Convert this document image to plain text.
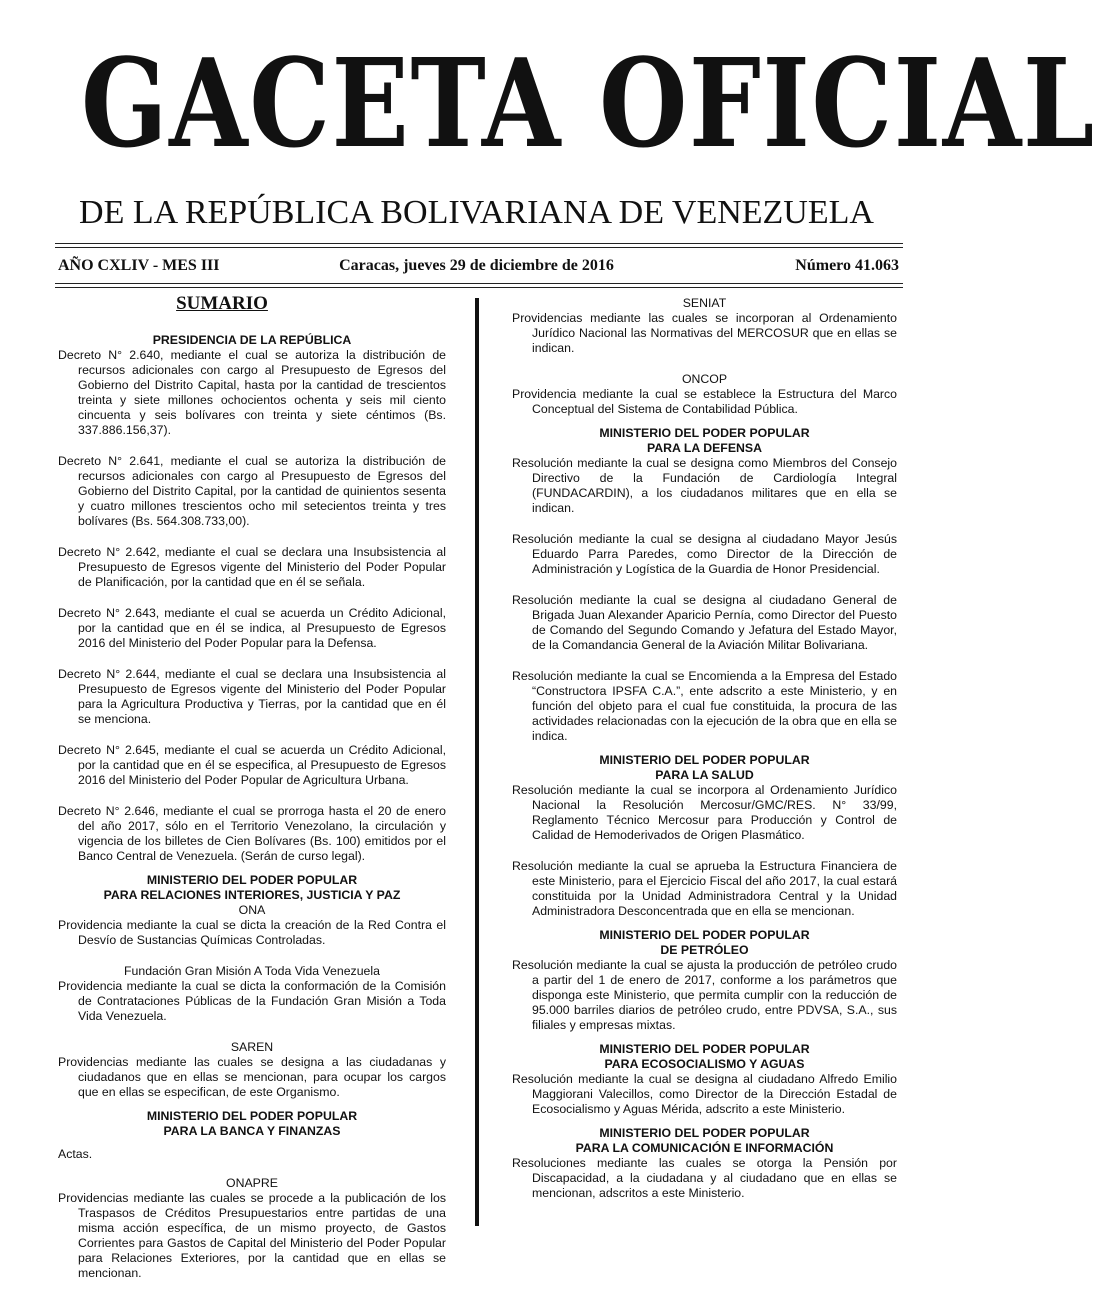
GACETA OFICIAL
DE LA REPÚBLICA BOLIVARIANA DE VENEZUELA
AÑO CXLIV - MES III	Caracas, jueves 29 de diciembre de 2016	Número 41.063
SUMARIO

PRESIDENCIA DE LA REPÚBLICA

Decreto N° 2.640, mediante el cual se autoriza la distribución de recursos adicionales con cargo al Presupuesto de Egresos del Gobierno del Distrito Capital, hasta por la cantidad de trescientos treinta y siete millones ochocientos ochenta y seis mil ciento cincuenta y seis bolívares con treinta y siete céntimos (Bs. 337.886.156,37).

Decreto N° 2.641, mediante el cual se autoriza la distribución de recursos adicionales con cargo al Presupuesto de Egresos del Gobierno del Distrito Capital, por la cantidad de quinientos sesenta y cuatro millones trescientos ocho mil setecientos treinta y tres bolívares (Bs. 564.308.733,00).

Decreto N° 2.642, mediante el cual se declara una Insubsistencia al Presupuesto de Egresos vigente del Ministerio del Poder Popular de Planificación, por la cantidad que en él se señala.

Decreto N° 2.643, mediante el cual se acuerda un Crédito Adicional, por la cantidad que en él se indica, al Presupuesto de Egresos 2016 del Ministerio del Poder Popular para la Defensa.

Decreto N° 2.644, mediante el cual se declara una Insubsistencia al Presupuesto de Egresos vigente del Ministerio del Poder Popular para la Agricultura Productiva y Tierras, por la cantidad que en él se menciona.

Decreto N° 2.645, mediante el cual se acuerda un Crédito Adicional, por la cantidad que en él se especifica, al Presupuesto de Egresos 2016 del Ministerio del Poder Popular de Agricultura Urbana.

Decreto N° 2.646, mediante el cual se prorroga hasta el 20 de enero del año 2017, sólo en el Territorio Venezolano, la circulación y vigencia de los billetes de Cien Bolívares (Bs. 100) emitidos por el Banco Central de Venezuela. (Serán de curso legal).

MINISTERIO DEL PODER POPULAR

PARA RELACIONES INTERIORES, JUSTICIA Y PAZ

ONA

Providencia mediante la cual se dicta la creación de la Red Contra el Desvío de Sustancias Químicas Controladas.

Fundación Gran Misión A Toda Vida Venezuela

Providencia mediante la cual se dicta la conformación de la Comisión de Contrataciones Públicas de la Fundación Gran Misión a Toda Vida Venezuela.

SAREN

Providencias mediante las cuales se designa a las ciudadanas y ciudadanos que en ellas se mencionan, para ocupar los cargos que en ellas se especifican, de este Organismo.

MINISTERIO DEL PODER POPULAR

PARA LA BANCA Y FINANZAS

Actas.

ONAPRE

Providencias mediante las cuales se procede a la publicación de los Traspasos de Créditos Presupuestarios entre partidas de una misma acción específica, de un mismo proyecto, de Gastos Corrientes para Gastos de Capital del Ministerio del Poder Popular para Relaciones Exteriores, por la cantidad que en ellas se mencionan.

SENIAT

Providencias mediante las cuales se incorporan al Ordenamiento Jurídico Nacional las Normativas del MERCOSUR que en ellas se indican.

ONCOP

Providencia mediante la cual se establece la Estructura del Marco Conceptual del Sistema de Contabilidad Pública.

MINISTERIO DEL PODER POPULAR

PARA LA DEFENSA

Resolución mediante la cual se designa como Miembros del Consejo Directivo de la Fundación de Cardiología Integral (FUNDACARDIN), a los ciudadanos militares que en ella se indican.

Resolución mediante la cual se designa al ciudadano Mayor Jesús Eduardo Parra Paredes, como Director de la Dirección de Administración y Logística de la Guardia de Honor Presidencial.

Resolución mediante la cual se designa al ciudadano General de Brigada Juan Alexander Aparicio Pernía, como Director del Puesto de Comando del Segundo Comando y Jefatura del Estado Mayor, de la Comandancia General de la Aviación Militar Bolivariana.

Resolución mediante la cual se Encomienda a la Empresa del Estado “Constructora IPSFA C.A.”, ente adscrito a este Ministerio, y en función del objeto para el cual fue constituida, la procura de las actividades relacionadas con la ejecución de la obra que en ella se indica.

MINISTERIO DEL PODER POPULAR

PARA LA SALUD

Resolución mediante la cual se incorpora al Ordenamiento Jurídico Nacional la Resolución Mercosur/GMC/RES. N° 33/99, Reglamento Técnico Mercosur para Producción y Control de Calidad de Hemoderivados de Origen Plasmático.

Resolución mediante la cual se aprueba la Estructura Financiera de este Ministerio, para el Ejercicio Fiscal del año 2017, la cual estará constituida por la Unidad Administradora Central y la Unidad Administradora Desconcentrada que en ella se mencionan.

MINISTERIO DEL PODER POPULAR

DE PETRÓLEO

Resolución mediante la cual se ajusta la producción de petróleo crudo a partir del 1 de enero de 2017, conforme a los parámetros que disponga este Ministerio, que permita cumplir con la reducción de 95.000 barriles diarios de petróleo crudo, entre PDVSA, S.A., sus filiales y empresas mixtas.

MINISTERIO DEL PODER POPULAR

PARA ECOSOCIALISMO Y AGUAS

Resolución mediante la cual se designa al ciudadano Alfredo Emilio Maggiorani Valecillos, como Director de la Dirección Estadal de Ecosocialismo y Aguas Mérida, adscrito a este Ministerio.

MINISTERIO DEL PODER POPULAR

PARA LA COMUNICACIÓN E INFORMACIÓN

Resoluciones mediante las cuales se otorga la Pensión por Discapacidad, a la ciudadana y al ciudadano que en ellas se mencionan, adscritos a este Ministerio.
